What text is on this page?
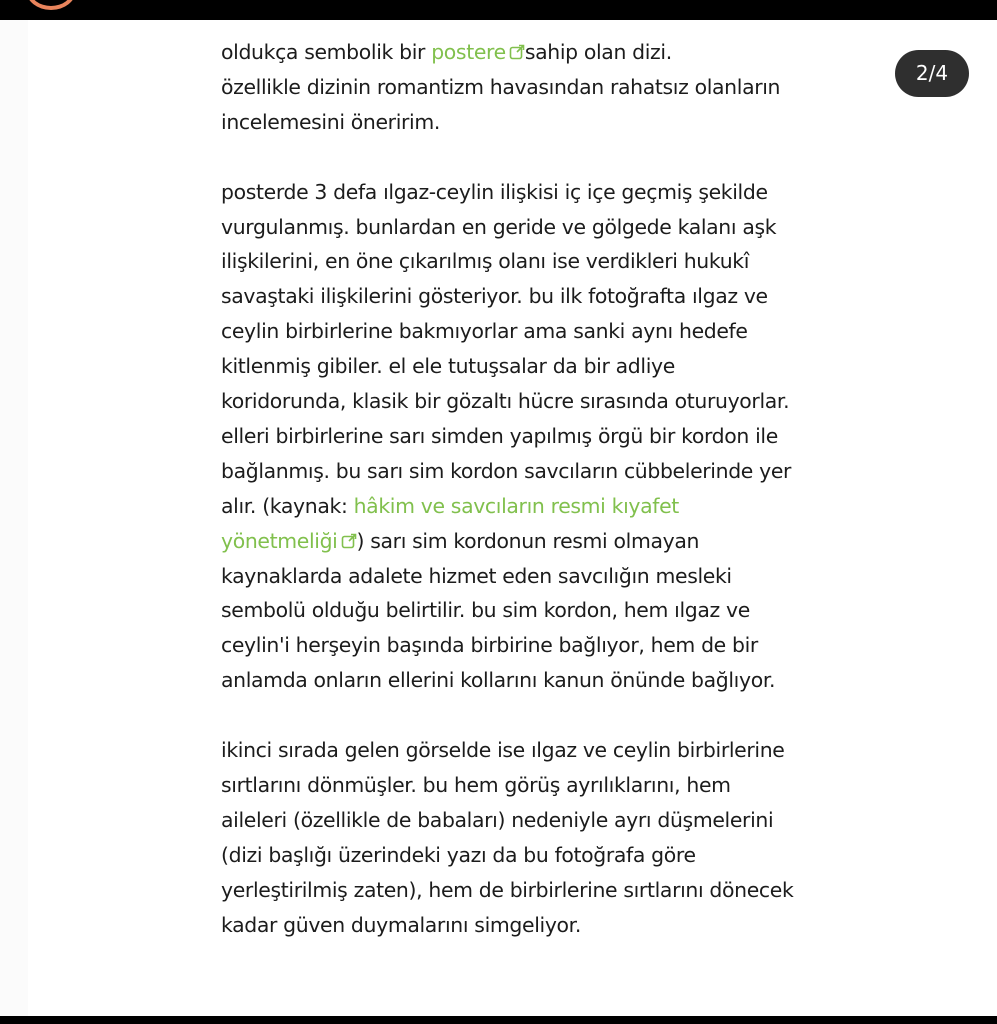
2/4

oldukça sembolik bir postere sahip olan dizi.
özellikle dizinin romantizm havasından rahatsız olanların incelemesini öneririm.

posterde 3 defa ılgaz-ceylin ilişkisi iç içe geçmiş şekilde vurgulanmış. bunlardan en geride ve gölgede kalanı aşk ilişkilerini, en öne çıkarılmış olanı ise verdikleri hukukî savaştaki ilişkilerini gösteriyor. bu ilk fotoğrafta ılgaz ve ceylin birbirlerine bakmıyorlar ama sanki aynı hedefe kitlenmiş gibiler. el ele tutuşsalar da bir adliye koridorunda, klasik bir gözaltı hücre sırasında oturuyorlar. elleri birbirlerine sarı simden yapılmış örgü bir kordon ile bağlanmış. bu sarı sim kordon savcıların cübbelerinde yer alır. (kaynak: hâkim ve savcıların resmi kıyafet yönetmeliği ) sarı sim kordonun resmi olmayan kaynaklarda adalete hizmet eden savcılığın mesleki sembolü olduğu belirtilir. bu sim kordon, hem ılgaz ve ceylin'i herşeyin başında birbirine bağlıyor, hem de bir anlamda onların ellerini kollarını kanun önünde bağlıyor.

ikinci sırada gelen görselde ise ılgaz ve ceylin birbirlerine sırtlarını dönmüşler. bu hem görüş ayrılıklarını, hem aileleri (özellikle de babaları) nedeniyle ayrı düşmelerini (dizi başlığı üzerindeki yazı da bu fotoğrafa göre yerleştirilmiş zaten), hem de birbirlerine sırtlarını dönecek kadar güven duymalarını simgeliyor.
